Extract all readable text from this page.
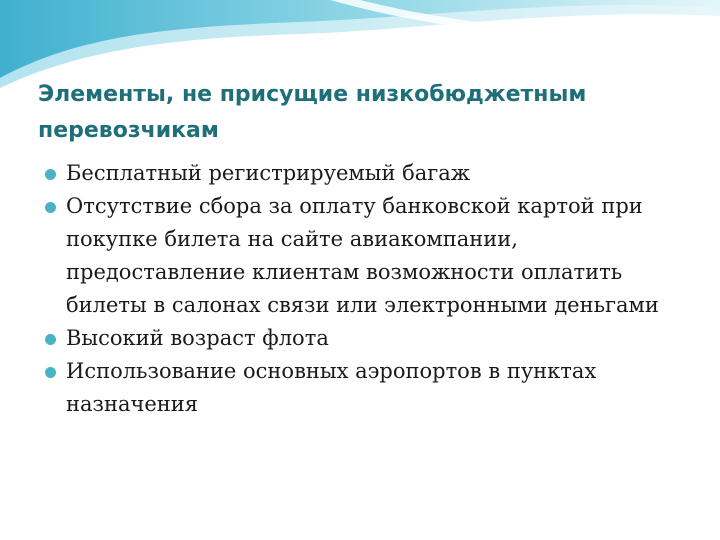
Элементы, не присущие низкобюджетным перевозчикам
Бесплатный регистрируемый багаж
Отсутствие сбора за оплату банковской картой при покупке билета на сайте авиакомпании, предоставление клиентам возможности оплатить билеты в салонах связи или электронными деньгами
Высокий возраст флота
Использование основных аэропортов в пунктах назначения
